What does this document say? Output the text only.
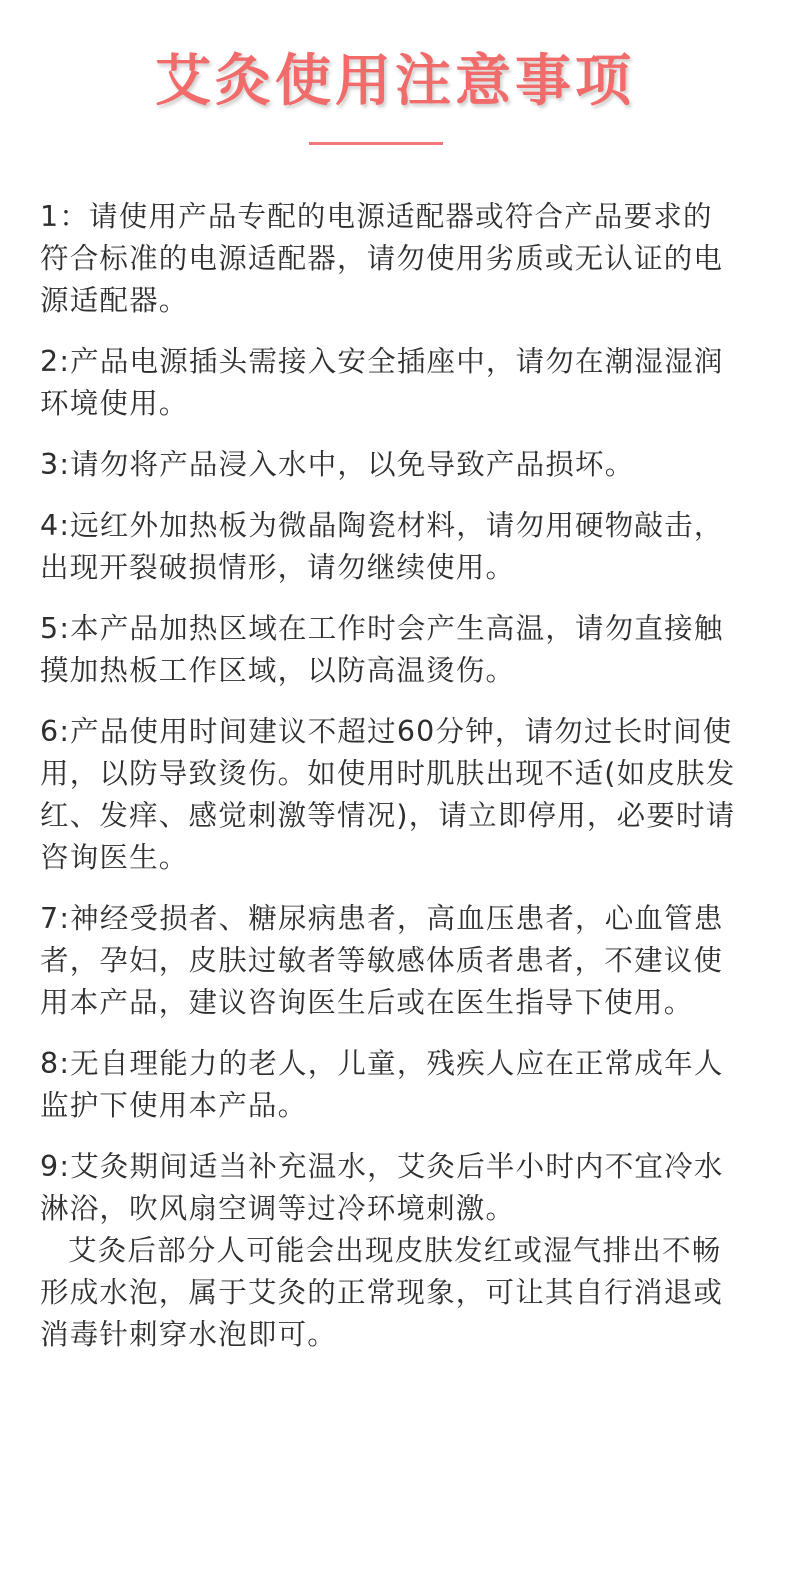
艾灸使用注意事项
1：请使用产品专配的电源适配器或符合产品要求的符合标准的电源适配器，请勿使用劣质或无认证的电源适配器。
2:产品电源插头需接入安全插座中，请勿在潮湿湿润环境使用。
3:请勿将产品浸入水中，以免导致产品损坏。
4:远红外加热板为微晶陶瓷材料，请勿用硬物敲击，出现开裂破损情形，请勿继续使用。
5:本产品加热区域在工作时会产生高温，请勿直接触摸加热板工作区域，以防高温烫伤。
6:产品使用时间建议不超过60分钟，请勿过长时间使用，以防导致烫伤。如使用时肌肤出现不适(如皮肤发红、发痒、感觉刺激等情况)，请立即停用，必要时请咨询医生。
7:神经受损者、糖尿病患者，高血压患者，心血管患者，孕妇，皮肤过敏者等敏感体质者患者，不建议使用本产品，建议咨询医生后或在医生指导下使用。
8:无自理能力的老人，儿童，残疾人应在正常成年人监护下使用本产品。
9:艾灸期间适当补充温水，艾灸后半小时内不宜冷水淋浴，吹风扇空调等过冷环境刺激。
艾灸后部分人可能会出现皮肤发红或湿气排出不畅形成水泡，属于艾灸的正常现象，可让其自行消退或消毒针刺穿水泡即可。
